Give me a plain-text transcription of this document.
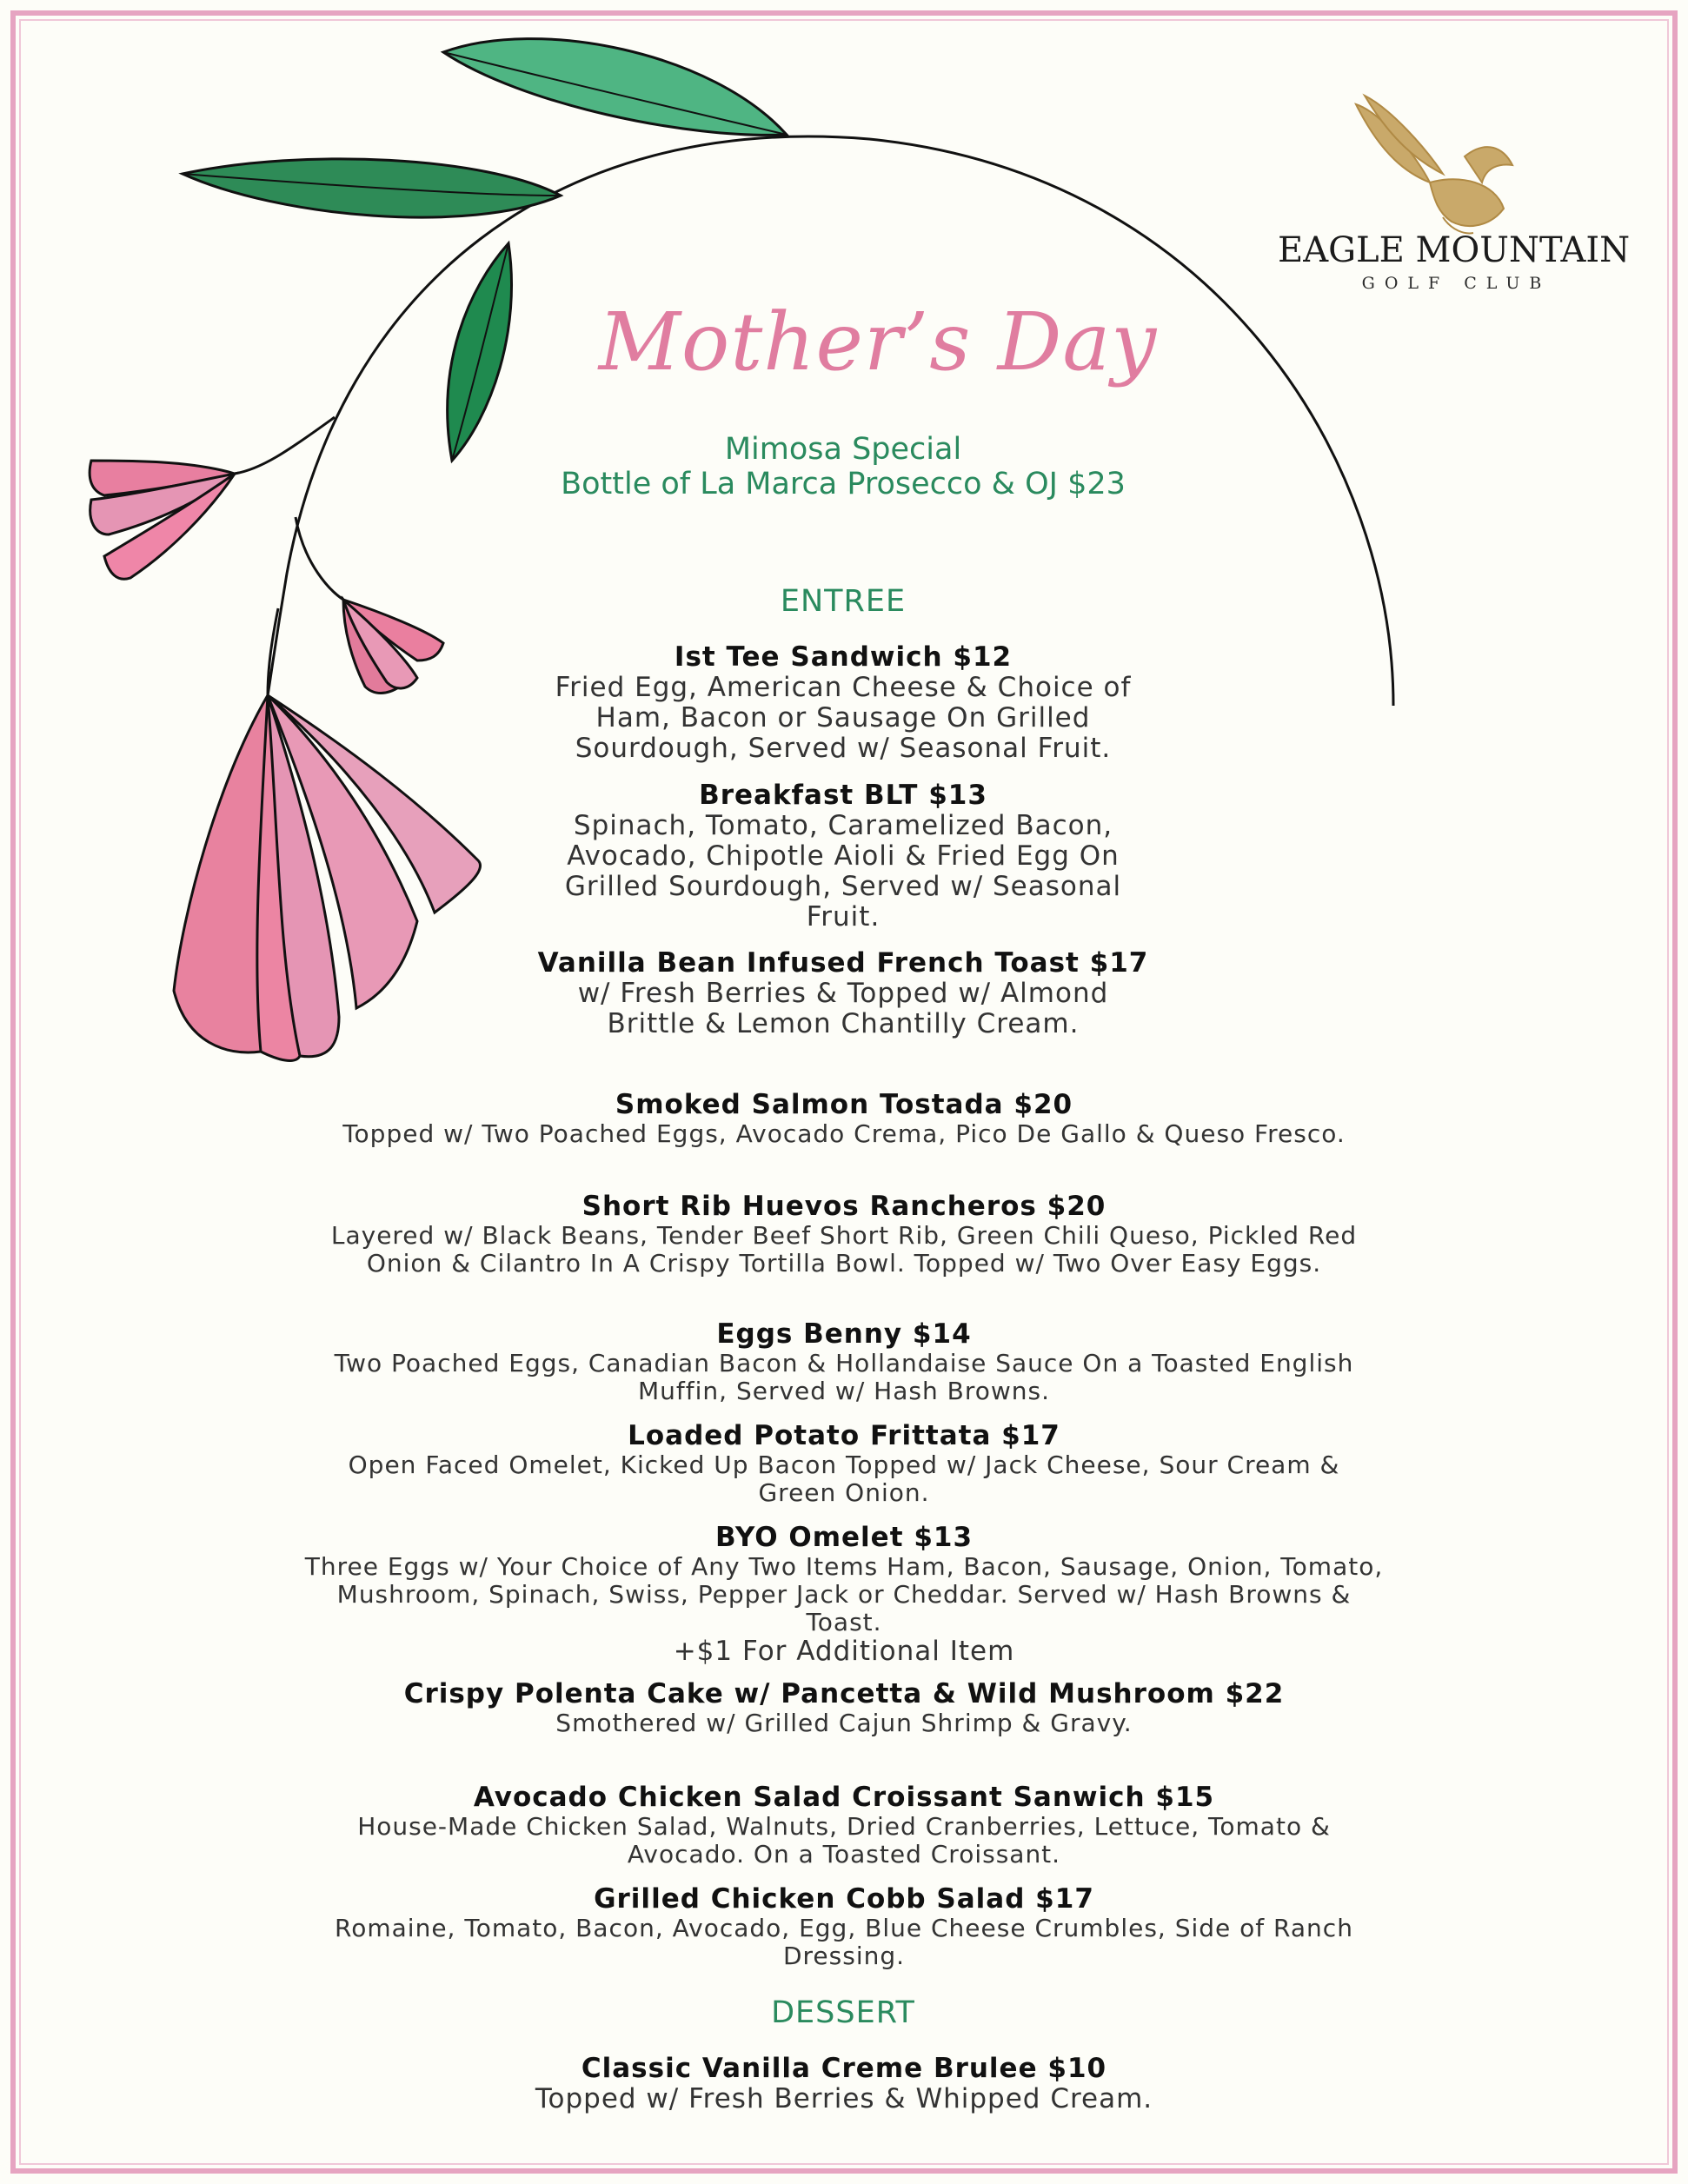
EAGLE MOUNTAIN
GOLF CLUB
Mother’s Day
Mimosa Special
Bottle of La Marca Prosecco & OJ $23
ENTREE
Ist Tee Sandwich $12
Fried Egg, American Cheese & Choice of Ham, Bacon or Sausage On Grilled Sourdough, Served w/ Seasonal Fruit.
Breakfast BLT $13
Spinach, Tomato, Caramelized Bacon, Avocado, Chipotle Aioli & Fried Egg On Grilled Sourdough, Served w/ Seasonal Fruit.
Vanilla Bean Infused French Toast $17
w/ Fresh Berries & Topped w/ Almond Brittle & Lemon Chantilly Cream.
Smoked Salmon Tostada $20
Topped w/ Two Poached Eggs, Avocado Crema, Pico De Gallo & Queso Fresco.
Short Rib Huevos Rancheros $20
Layered w/ Black Beans, Tender Beef Short Rib, Green Chili Queso, Pickled Red Onion & Cilantro In A Crispy Tortilla Bowl. Topped w/ Two Over Easy Eggs.
Eggs Benny $14
Two Poached Eggs, Canadian Bacon & Hollandaise Sauce On a Toasted English Muffin, Served w/ Hash Browns.
Loaded Potato Frittata $17
Open Faced Omelet, Kicked Up Bacon Topped w/ Jack Cheese, Sour Cream & Green Onion.
BYO Omelet $13
Three Eggs w/ Your Choice of Any Two Items Ham, Bacon, Sausage, Onion, Tomato, Mushroom, Spinach, Swiss, Pepper Jack or Cheddar. Served w/ Hash Browns & Toast.
+$1 For Additional Item
Crispy Polenta Cake w/ Pancetta & Wild Mushroom $22
Smothered w/ Grilled Cajun Shrimp & Gravy.
Avocado Chicken Salad Croissant Sanwich $15
House-Made Chicken Salad, Walnuts, Dried Cranberries, Lettuce, Tomato & Avocado. On a Toasted Croissant.
Grilled Chicken Cobb Salad $17
Romaine, Tomato, Bacon, Avocado, Egg, Blue Cheese Crumbles, Side of Ranch Dressing.
DESSERT
Classic Vanilla Creme Brulee $10
Topped w/ Fresh Berries & Whipped Cream.
